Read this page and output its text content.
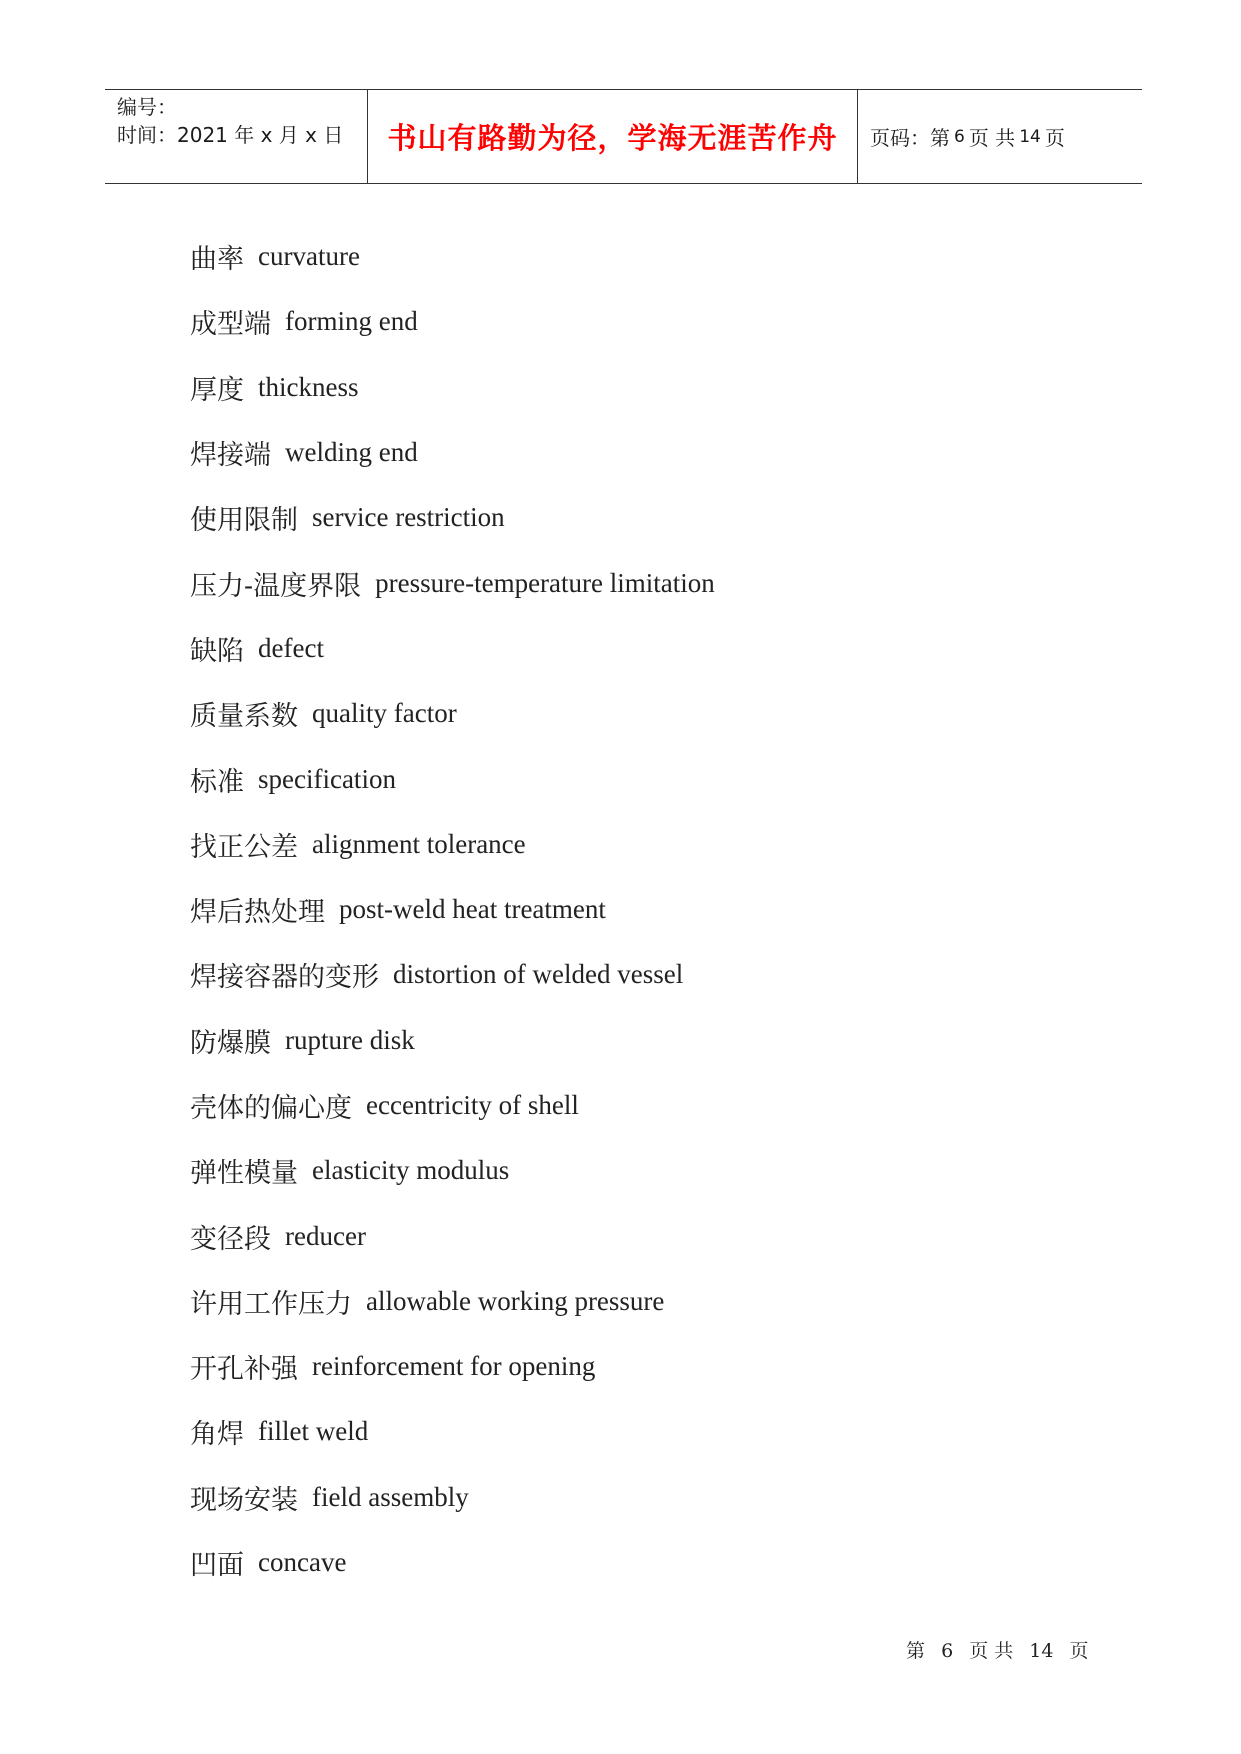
编号：
时间：2021 年 x 月 x 日	书山有路勤为径，学海无涯苦作舟 页码：第 6 页 共 14 页
曲率 curvature
成型端 forming end
厚度 thickness
焊接端 welding end
使用限制 service restriction
压力-温度界限 pressure-temperature limitation
缺陷 defect
质量系数 quality factor
标准 specification
找正公差 alignment tolerance
焊后热处理 post-weld heat treatment
焊接容器的变形 distortion of welded vessel
防爆膜 rupture disk
壳体的偏心度 eccentricity of shell
弹性模量 elasticity modulus
变径段 reducer
许用工作压力 allowable working pressure
开孔补强 reinforcement for opening
角焊 fillet weld
现场安装 field assembly
凹面 concave
第 6 页 共 14 页
